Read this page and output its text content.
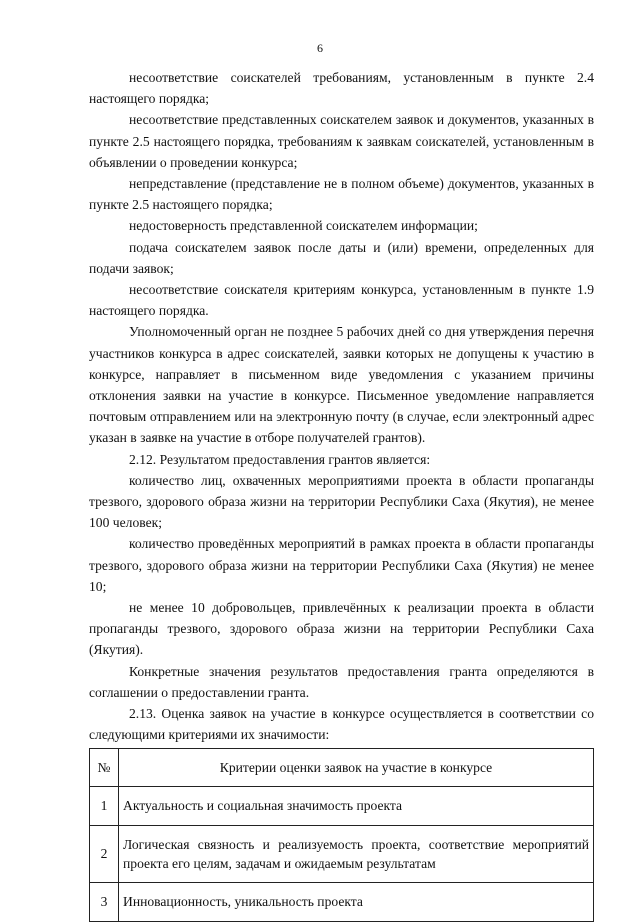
6

несоответствие соискателей требованиям, установленным в пункте 2.4 настоящего порядка;

несоответствие представленных соискателем заявок и документов, указанных в пункте 2.5 настоящего порядка, требованиям к заявкам соискателей, установленным в объявлении о проведении конкурса;

непредставление (представление не в полном объеме) документов, указанных в пункте 2.5 настоящего порядка;

недостоверность представленной соискателем информации;

подача соискателем заявок после даты и (или) времени, определенных для подачи заявок;

несоответствие соискателя критериям конкурса, установленным в пункте 1.9 настоящего порядка.

Уполномоченный орган не позднее 5 рабочих дней со дня утверждения перечня участников конкурса в адрес соискателей, заявки которых не допущены к участию в конкурсе, направляет в письменном виде уведомления с указанием причины отклонения заявки на участие в конкурсе. Письменное уведомление направляется почтовым отправлением или на электронную почту (в случае, если электронный адрес указан в заявке на участие в отборе получателей грантов).

2.12. Результатом предоставления грантов является:

количество лиц, охваченных мероприятиями проекта в области пропаганды трезвого, здорового образа жизни на территории Республики Саха (Якутия), не менее 100 человек;

количество проведённых мероприятий в рамках проекта в области пропаганды трезвого, здорового образа жизни на территории Республики Саха (Якутия) не менее 10;

не менее 10 добровольцев, привлечённых к реализации проекта в области пропаганды трезвого, здорового образа жизни на территории Республики Саха (Якутия).

Конкретные значения результатов предоставления гранта определяются в соглашении о предоставлении гранта.

2.13. Оценка заявок на участие в конкурсе осуществляется в соответствии со следующими критериями их значимости:

№	Критерии оценки заявок на участие в конкурсе
1	Актуальность и социальная значимость проекта
2	Логическая связность и реализуемость проекта, соответствие мероприятий проекта его целям, задачам и ожидаемым результатам
3	Инновационность, уникальность проекта
